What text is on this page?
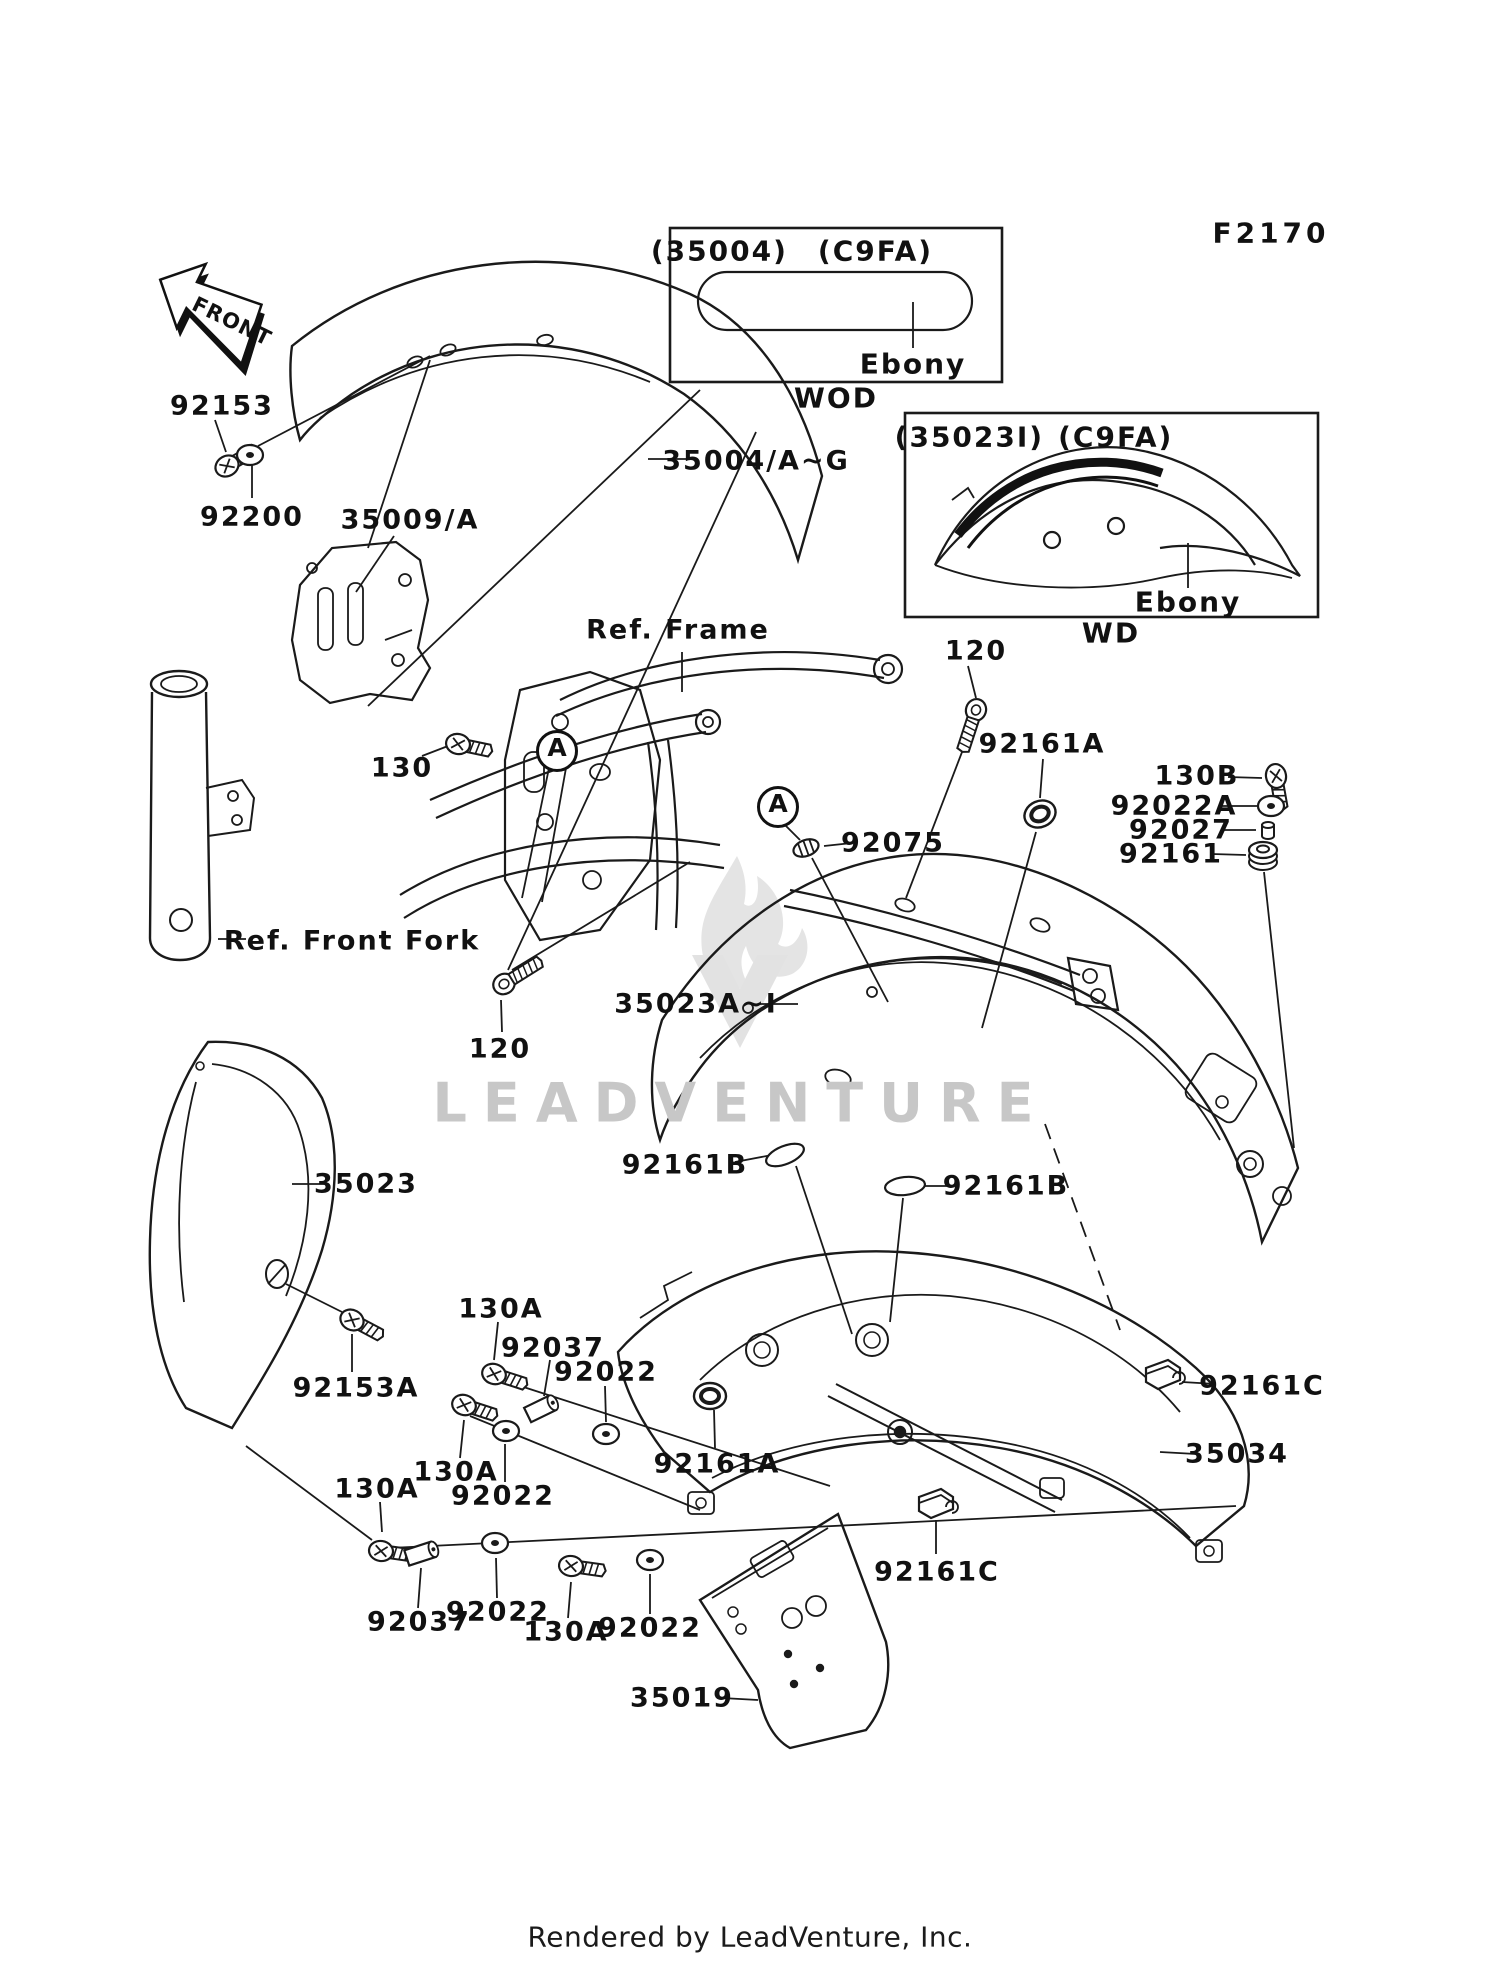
FRONT
LEADVENTURE
F2170
(35004) (C9FA)
Ebony
WOD
(35023I) (C9FA)
Ebony
WD
92153
92200 35009/A
35004/A~G
Ref. Frame
120
92161A
130B
92022A
92027
92161
130
92075
Ref. Front Fork
35023A~I
120
35023
92161B
92161B
92153A
130A
92037
92022
92161A
92161C
35034
130A
92022
130A
92037
92022
130A
92022
92161C
35019
A
A
Rendered by LeadVenture, Inc.
